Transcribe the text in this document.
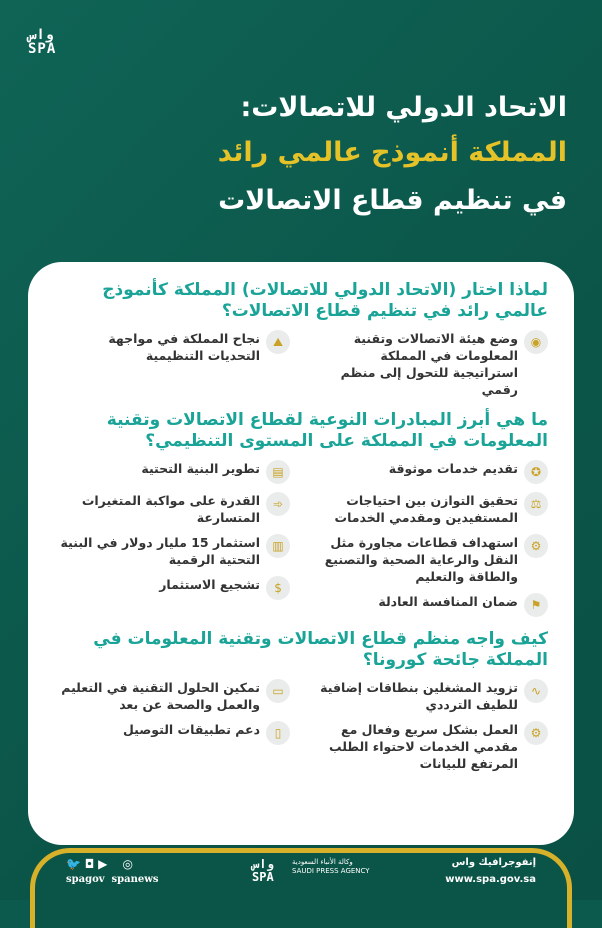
واس
SPA
الاتحاد الدولي للاتصالات:
المملكة أنموذج عالمي رائد
في تنظيم قطاع الاتصالات
لماذا اختار (الاتحاد الدولي للاتصالات) المملكة كأنموذج
عالمي رائد في تنظيم قطاع الاتصالات؟
◉
وضع هيئة الاتصالات وتقنية المعلومات في المملكة استراتيجية للتحول إلى منظم رقمي
⛰
نجاح المملكة في مواجهة التحديات التنظيمية
ما هي أبرز المبادرات النوعية لقطاع الاتصالات وتقنية
المعلومات في المملكة على المستوى التنظيمي؟
✪
تقديم خدمات موثوقة
⚖
تحقيق التوازن بين احتياجات المستفيدين ومقدمي الخدمات
⚙
استهداف قطاعات مجاورة مثل النقل والرعاية الصحية والتصنيع والطاقة والتعليم
⚑
ضمان المنافسة العادلة
▤
تطوير البنية التحتية
➾
القدرة على مواكبة المتغيرات المتسارعة
▥
استثمار 15 مليار دولار في البنية التحتية الرقمية
$
تشجيع الاستثمار
كيف واجه منظم قطاع الاتصالات وتقنية المعلومات في
المملكة جائحة كورونا؟
∿
تزويد المشغلين بنطاقات إضافية للطيف الترددي
⚙
العمل بشكل سريع وفعال مع مقدمي الخدمات لاحتواء الطلب المرتفع للبيانات
▭
تمكين الحلول التقنية في التعليم والعمل والصحة عن بعد
▯
دعم تطبيقات التوصيل
🐦 ◘ ▶    ◎
spagov spanews
واس
SPA
وكالة الأنباء السعودية
SAUDI PRESS AGENCY
إنفوجرافيك واس
www.spa.gov.sa
